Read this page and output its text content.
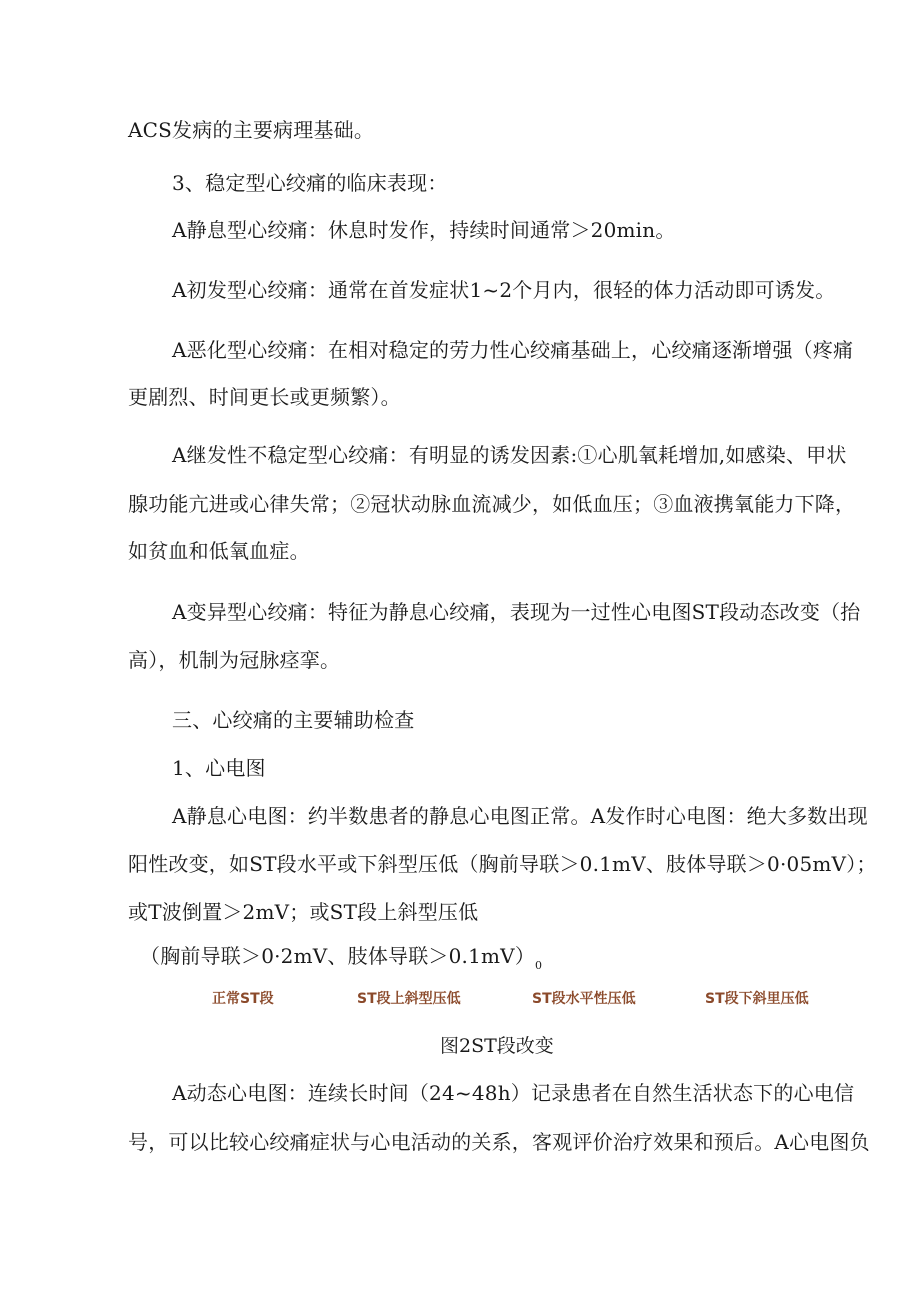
ACS发病的主要病理基础。
3、稳定型心绞痛的临床表现：
A静息型心绞痛：休息时发作，持续时间通常＞20min。
A初发型心绞痛：通常在首发症状1~2个月内，很轻的体力活动即可诱发。
A恶化型心绞痛：在相对稳定的劳力性心绞痛基础上，心绞痛逐渐增强（疼痛
更剧烈、时间更长或更频繁）。
A继发性不稳定型心绞痛：有明显的诱发因素:①心肌氧耗增加,如感染、甲状
腺功能亢进或心律失常；②冠状动脉血流减少，如低血压；③血液携氧能力下降，
如贫血和低氧血症。
A变异型心绞痛：特征为静息心绞痛，表现为一过性心电图ST段动态改变（抬
高），机制为冠脉痉挛。
三、心绞痛的主要辅助检查
1、心电图
A静息心电图：约半数患者的静息心电图正常。A发作时心电图：绝大多数出现
阳性改变，如ST段水平或下斜型压低（胸前导联＞0.1mV、肢体导联＞0·05mV）；
或T波倒置＞2mV；或ST段上斜型压低
（胸前导联＞0·2mV、肢体导联$>0.1mV)_0$
正常ST段	ST段上斜型压低	ST段水平性压低	ST段下斜里压低
图2ST段改变
A动态心电图：连续长时间（24~48h）记录患者在自然生活状态下的心电信
号，可以比较心绞痛症状与心电活动的关系，客观评价治疗效果和预后。A心电图负
